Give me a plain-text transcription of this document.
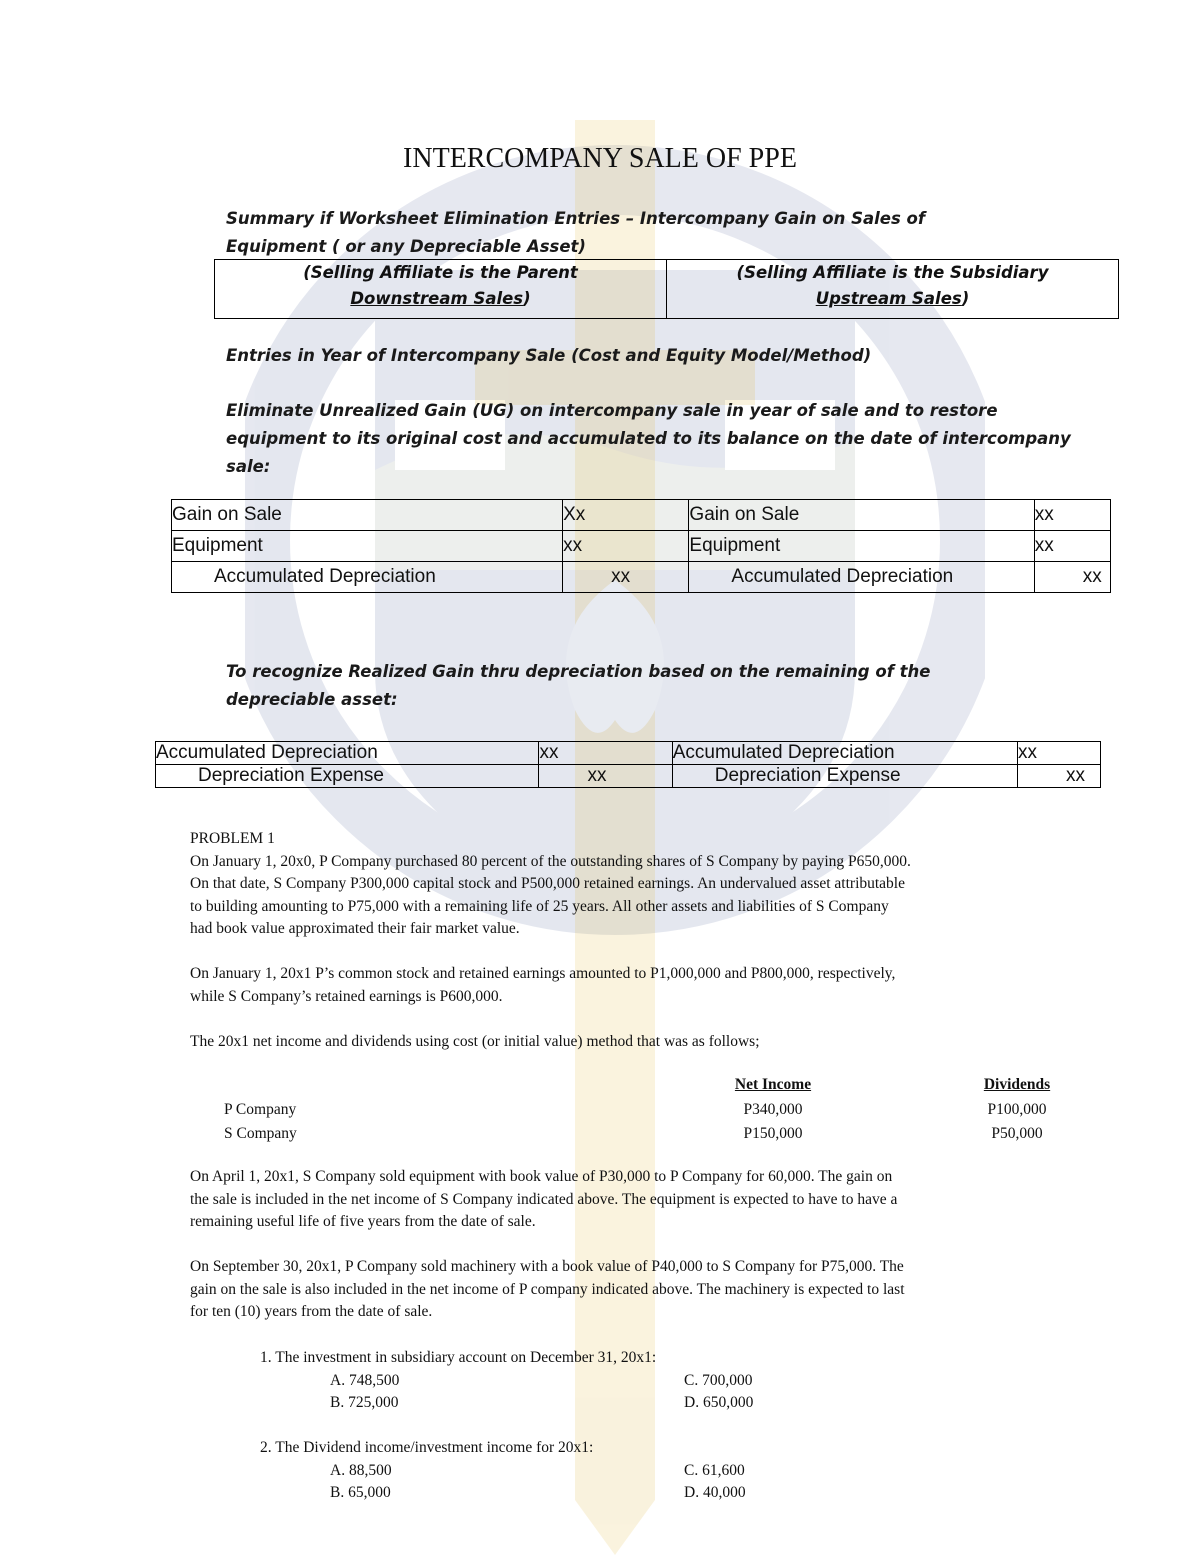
INTERCOMPANY SALE OF PPE
Summary if Worksheet Elimination Entries – Intercompany Gain on Sales of
Equipment ( or any Depreciable Asset)
(Selling Affiliate is the Parent
Downstream Sales)

(Selling Affiliate is the Subsidiary
Upstream Sales)
Entries in Year of Intercompany Sale (Cost and Equity Model/Method)
Eliminate Unrealized Gain (UG) on intercompany sale in year of sale and to restore
equipment to its original cost and accumulated to its balance on the date of intercompany
sale:
Gain on Sale	Xx	Gain on Sale	xx
Equipment	xx	Equipment	xx
Accumulated Depreciation	xx	Accumulated Depreciation	xx
To recognize Realized Gain thru depreciation based on the remaining of the
depreciable asset:
Accumulated Depreciation	xx	Accumulated Depreciation	xx
Depreciation Expense	xx	Depreciation Expense	xx
PROBLEM 1
On January 1, 20x0, P Company purchased 80 percent of the outstanding shares of S Company by paying P650,000.
On that date, S Company P300,000 capital stock and P500,000 retained earnings. An undervalued asset attributable
to building amounting to P75,000 with a remaining life of 25 years. All other assets and liabilities of S Company
had book value approximated their fair market value.
On January 1, 20x1 P’s common stock and retained earnings amounted to P1,000,000 and P800,000, respectively,
while S Company’s retained earnings is P600,000.
The 20x1 net income and dividends using cost (or initial value) method that was as follows;
	Net Income		Dividends
P Company	P340,000		P100,000
S Company	P150,000		P50,000
On April 1, 20x1, S Company sold equipment with book value of P30,000 to P Company for 60,000. The gain on
the sale is included in the net income of S Company indicated above. The equipment is expected to have to have a
remaining useful life of five years from the date of sale.
On September 30, 20x1, P Company sold machinery with a book value of P40,000 to S Company for P75,000. The
gain on the sale is also included in the net income of P company indicated above. The machinery is expected to last
for ten (10) years from the date of sale.
1. The investment in subsidiary account on December 31, 20x1:
A. 748,500
B. 725,000
C. 700,000
D. 650,000
2. The Dividend income/investment income for 20x1:
A. 88,500
B. 65,000
C. 61,600
D. 40,000
